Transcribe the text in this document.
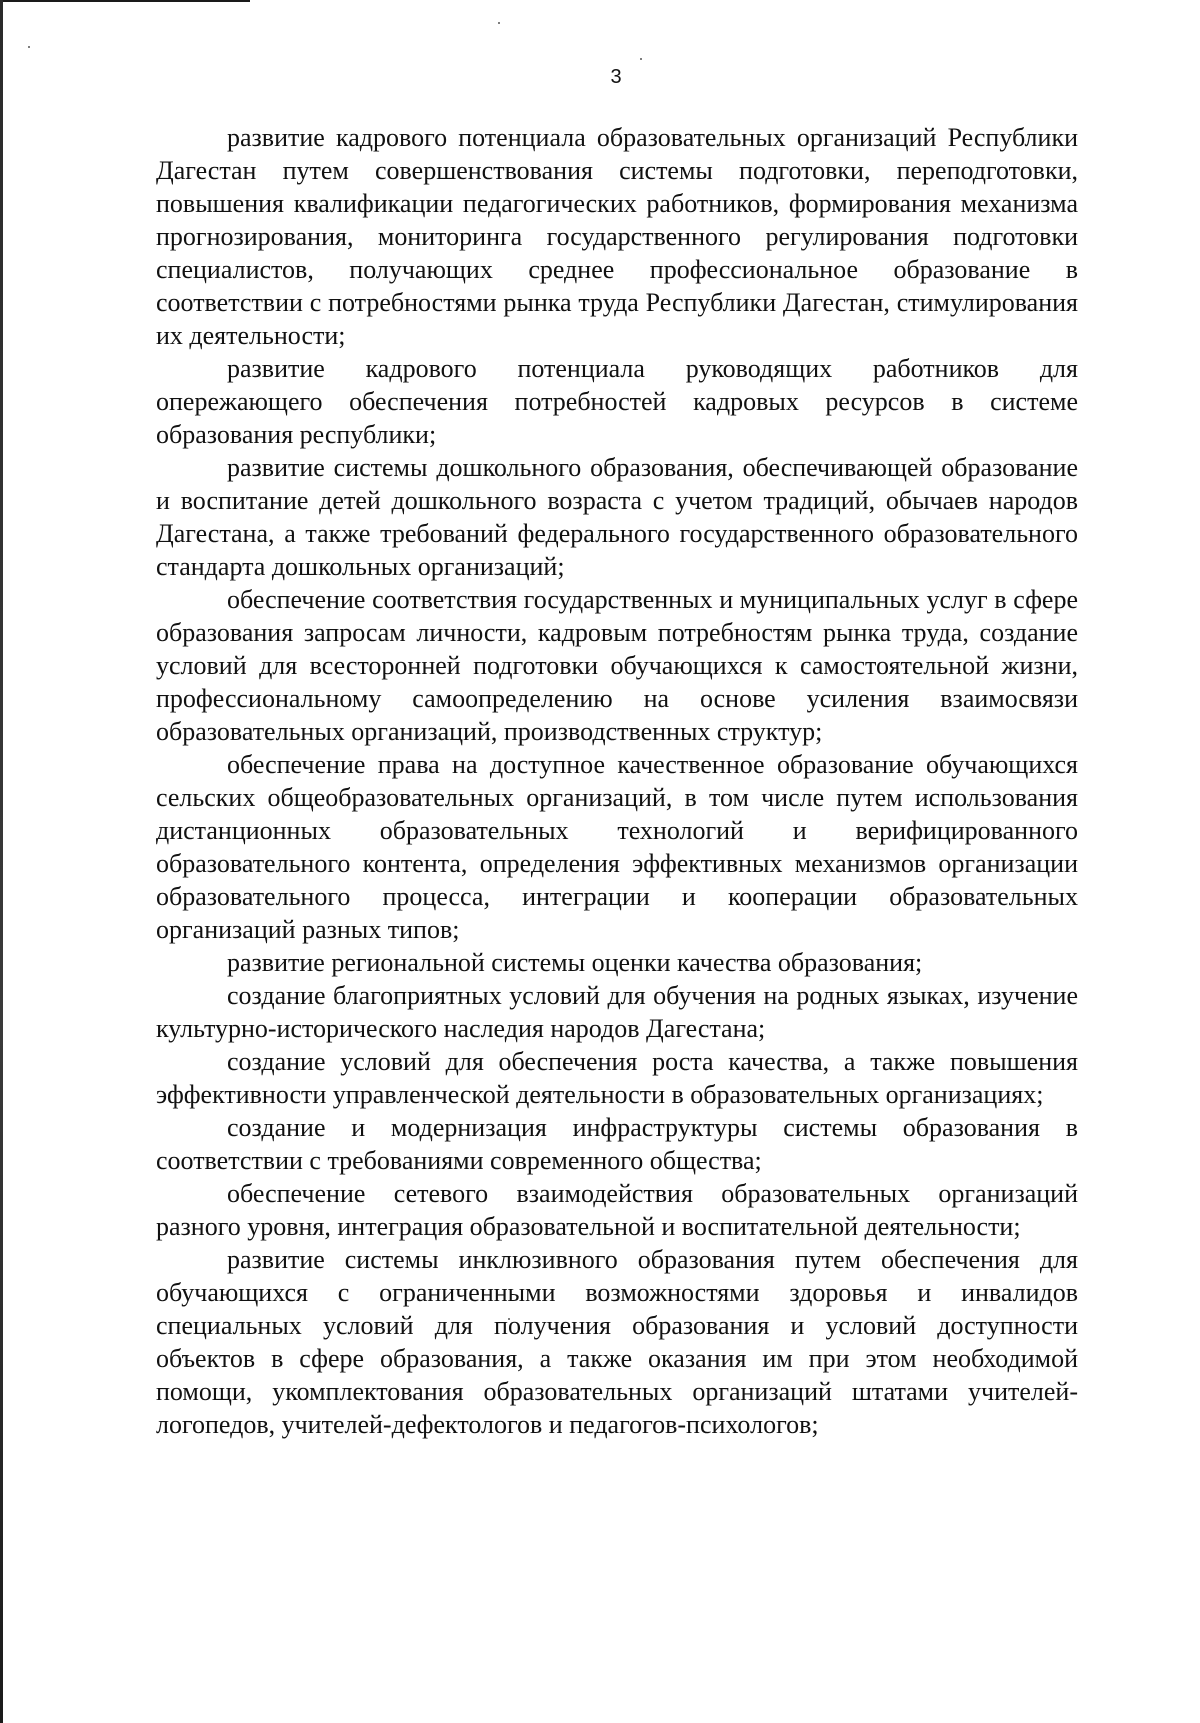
3

развитие кадрового потенциала образовательных организаций Республики Дагестан путем совершенствования системы подготовки, переподготовки, повышения квалификации педагогических работников, формирования механизма прогнозирования, мониторинга государственного регулирования подготовки специалистов, получающих среднее профессиональное образование в соответствии с потребностями рынка труда Республики Дагестан, стимулирования их деятельности;

развитие кадрового потенциала руководящих работников для опережающего обеспечения потребностей кадровых ресурсов в системе образования республики;

развитие системы дошкольного образования, обеспечивающей образование и воспитание детей дошкольного возраста с учетом традиций, обычаев народов Дагестана, а также требований федерального государственного образовательного стандарта дошкольных организаций;

обеспечение соответствия государственных и муниципальных услуг в сфере образования запросам личности, кадровым потребностям рынка труда, создание условий для всесторонней подготовки обучающихся к самостоятельной жизни, профессиональному самоопределению на основе усиления взаимосвязи образовательных организаций, производственных структур;

обеспечение права на доступное качественное образование обучающихся сельских общеобразовательных организаций, в том числе путем использования дистанционных образовательных технологий и верифицированного образовательного контента, определения эффективных механизмов организации образовательного процесса, интеграции и кооперации образовательных организаций разных типов;

развитие региональной системы оценки качества образования;

создание благоприятных условий для обучения на родных языках, изучение культурно-исторического наследия народов Дагестана;

создание условий для обеспечения роста качества, а также повышения эффективности управленческой деятельности в образовательных организациях;

создание и модернизация инфраструктуры системы образования в соответствии с требованиями современного общества;

обеспечение сетевого взаимодействия образовательных организаций разного уровня, интеграция образовательной и воспитательной деятельности;

развитие системы инклюзивного образования путем обеспечения для обучающихся с ограниченными возможностями здоровья и инвалидов специальных условий для получения образования и условий доступности объектов в сфере образования, а также оказания им при этом необходимой помощи, укомплектования образовательных организаций штатами учителей-логопедов, учителей-дефектологов и педагогов-психологов;
